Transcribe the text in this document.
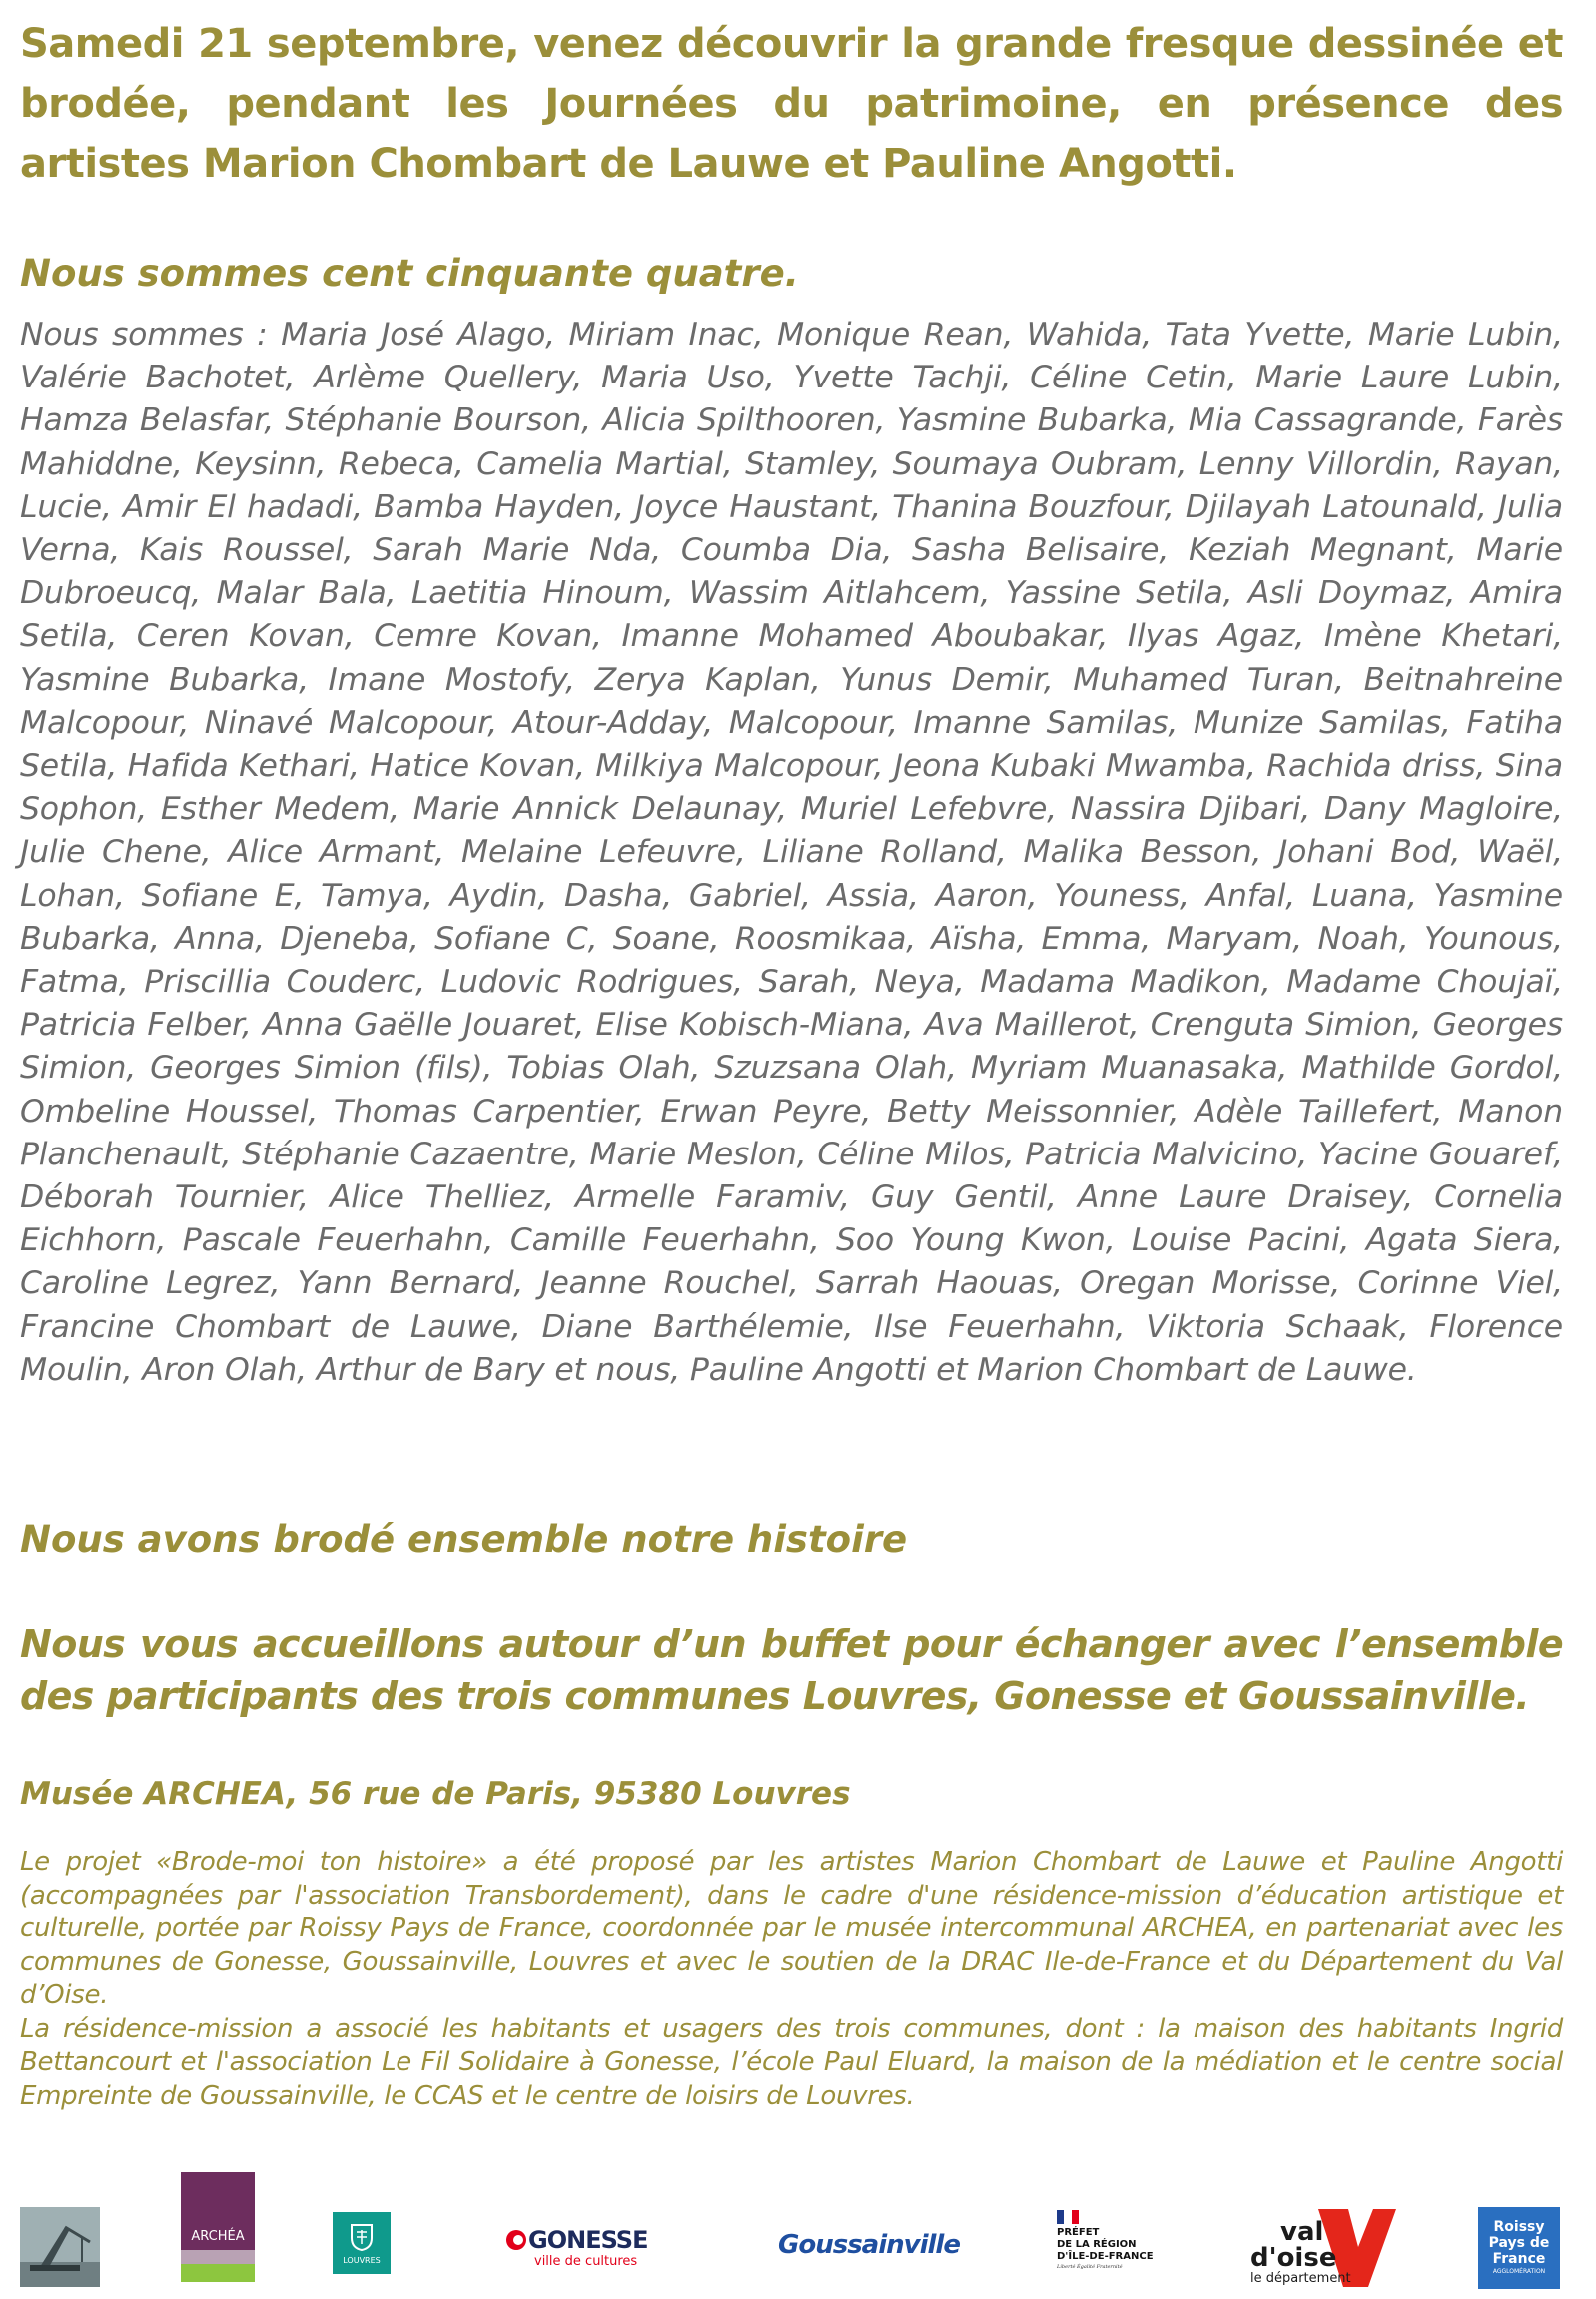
Samedi 21 septembre, venez découvrir la grande fresque dessinée et brodée, pendant les Journées du patrimoine, en présence des artistes Marion Chombart de Lauwe et Pauline Angotti.

Nous sommes cent cinquante quatre.

Nous sommes : Maria José Alago, Miriam Inac, Monique Rean, Wahida, Tata Yvette, Marie Lubin, Valérie Bachotet, Arlème Quellery, Maria Uso, Yvette Tachji, Céline Cetin, Marie Laure Lubin, Hamza Belasfar, Stéphanie Bourson, Alicia Spilthooren, Yasmine Bubarka, Mia Cassagrande, Farès Mahiddne, Keysinn, Rebeca, Camelia Martial, Stamley, Soumaya Oubram, Lenny Villordin, Rayan, Lucie, Amir El hadadi, Bamba Hayden, Joyce Haustant, Thanina Bouzfour, Djilayah Latounald, Julia Verna, Kais Roussel, Sarah Marie Nda, Coumba Dia, Sasha Belisaire, Keziah Megnant, Marie Dubroeucq, Malar Bala, Laetitia Hinoum, Wassim Aitlahcem, Yassine Setila, Asli Doymaz, Amira Setila, Ceren Kovan, Cemre Kovan, Imanne Mohamed Aboubakar, Ilyas Agaz, Imène Khetari, Yasmine Bubarka, Imane Mostofy, Zerya Kaplan, Yunus Demir, Muhamed Turan, Beitnahreine Malcopour, Ninavé Malcopour, Atour-Adday, Malcopour, Imanne Samilas, Munize Samilas, Fatiha Setila, Hafida Kethari, Hatice Kovan, Milkiya Malcopour, Jeona Kubaki Mwamba, Rachida driss, Sina Sophon, Esther Medem, Marie Annick Delaunay, Muriel Lefebvre, Nassira Djibari, Dany Magloire, Julie Chene, Alice Armant, Melaine Lefeuvre, Liliane Rolland, Malika Besson, Johani Bod, Waël, Lohan, Sofiane E, Tamya, Aydin, Dasha, Gabriel, Assia, Aaron, Youness, Anfal, Luana, Yasmine Bubarka, Anna, Djeneba, Sofiane C, Soane, Roosmikaa, Aïsha, Emma, Maryam, Noah, Younous, Fatma, Priscillia Couderc, Ludovic Rodrigues, Sarah, Neya, Madama Madikon, Madame Choujaï, Patricia Felber, Anna Gaëlle Jouaret, Elise Kobisch-Miana, Ava Maillerot, Crenguta Simion, Georges Simion, Georges Simion (fils), Tobias Olah, Szuzsana Olah, Myriam Muanasaka, Mathilde Gordol, Ombeline Houssel, Thomas Carpentier, Erwan Peyre, Betty Meissonnier, Adèle Taillefert, Manon Planchenault, Stéphanie Cazaentre, Marie Meslon, Céline Milos, Patricia Malvicino, Yacine Gouaref, Déborah Tournier, Alice Thelliez, Armelle Faramiv, Guy Gentil, Anne Laure Draisey, Cornelia Eichhorn, Pascale Feuerhahn, Camille Feuerhahn, Soo Young Kwon, Louise Pacini, Agata Siera, Caroline Legrez, Yann Bernard, Jeanne Rouchel, Sarrah Haouas, Oregan Morisse, Corinne Viel, Francine Chombart de Lauwe, Diane Barthélemie, Ilse Feuerhahn, Viktoria Schaak, Florence Moulin, Aron Olah, Arthur de Bary et nous, Pauline Angotti et Marion Chombart de Lauwe.

Nous avons brodé ensemble notre histoire

Nous vous accueillons autour d’un buffet pour échanger avec l’ensemble des participants des trois communes Louvres, Gonesse et Goussainville.

Musée ARCHEA, 56 rue de Paris, 95380 Louvres

Le projet «Brode-moi ton histoire» a été proposé par les artistes Marion Chombart de Lauwe et Pauline Angotti (accompagnées par l'association Transbordement), dans le cadre d'une résidence-mission d’éducation artistique et culturelle, portée par Roissy Pays de France, coordonnée par le musée intercommunal ARCHEA, en partenariat avec les communes de Gonesse, Goussainville, Louvres et avec le soutien de la DRAC Ile-de-France et du Département du Val d’Oise.

La résidence-mission a associé les habitants et usagers des trois communes, dont : la maison des habitants Ingrid Bettancourt et l'association Le Fil Solidaire à Gonesse, l’école Paul Eluard, la maison de la médiation et le centre social Empreinte de Goussainville, le CCAS et le centre de loisirs de Louvres.

ARCHÉA
LOUVRES
GONESSE
ville de cultures
Goussainville	PRÉFET
DE LA RÉGION
D'ÎLE-DE-FRANCE
Liberté Égalité Fraternité
val
d'oise
le département
Roissy
Pays de
France
AGGLOMÉRATION
